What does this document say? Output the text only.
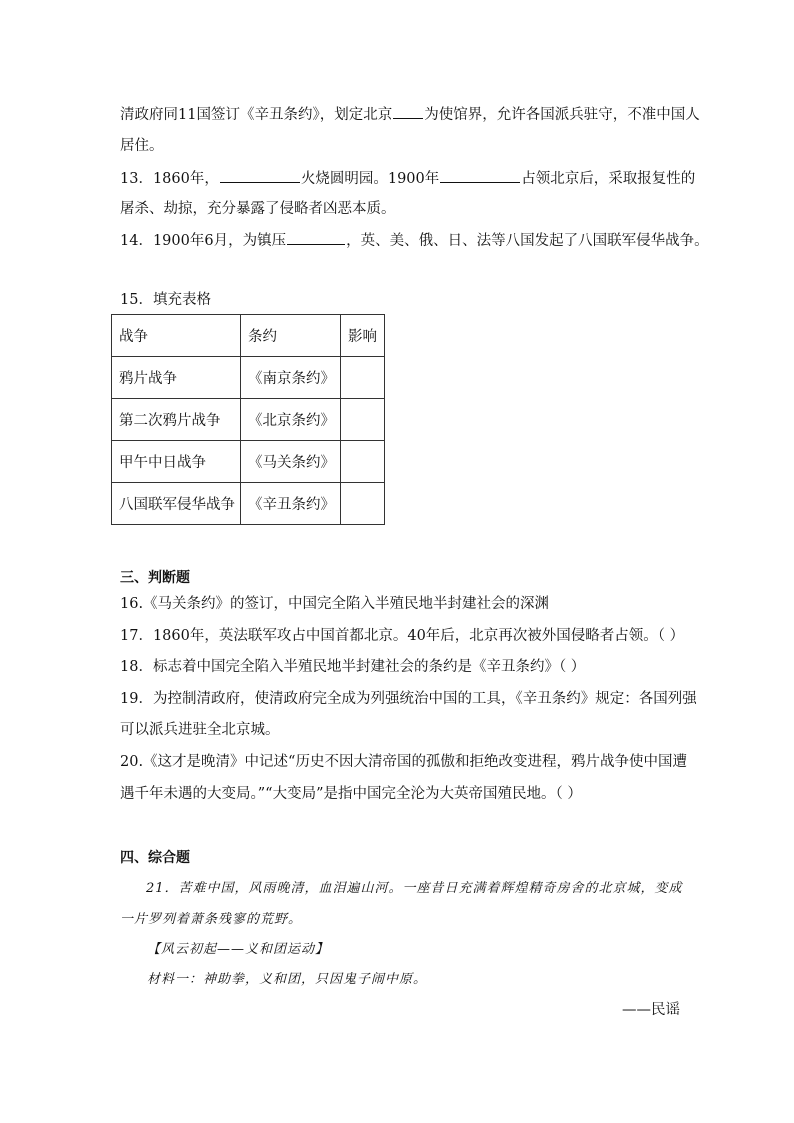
清政府同11国签订《辛丑条约》，划定北京 为使馆界，允许各国派兵驻守，不准中国人
居住。
13．1860年，	火烧圆明园。1900年	占领北京后，采取报复性的
屠杀、劫掠，充分暴露了侵略者凶恶本质。
14．1900年6月，为镇压	，英、美、俄、日、法等八国发起了八国联军侵华战争。
15．填充表格
战争	条约	影响
鸦片战争	《南京条约》	
第二次鸦片战争	《北京条约》	
甲午中日战争	《马关条约》	
八国联军侵华战争	《辛丑条约》	
三、判断题
16.《马关条约》的签订，中国完全陷入半殖民地半封建社会的深渊
17．1860年，英法联军攻占中国首都北京。40年后，北京再次被外国侵略者占领。（ ）
18．标志着中国完全陷入半殖民地半封建社会的条约是《辛丑条约》（ ）
19．为控制清政府，使清政府完全成为列强统治中国的工具，《辛丑条约》规定：各国列强
可以派兵进驻全北京城。
20.《这才是晚清》中记述“历史不因大清帝国的孤傲和拒绝改变进程，鸦片战争使中国遭
遇千年未遇的大变局。”“大变局”是指中国完全沦为大英帝国殖民地。（ ）
四、综合题
21．苦难中国，风雨晚清，血泪遍山河。一座昔日充满着辉煌精奇房舍的北京城，变成
一片罗列着萧条残寥的荒野。
【风云初起——义和团运动】
材料一：神助拳，义和团，只因鬼子闹中原。
——民谣
